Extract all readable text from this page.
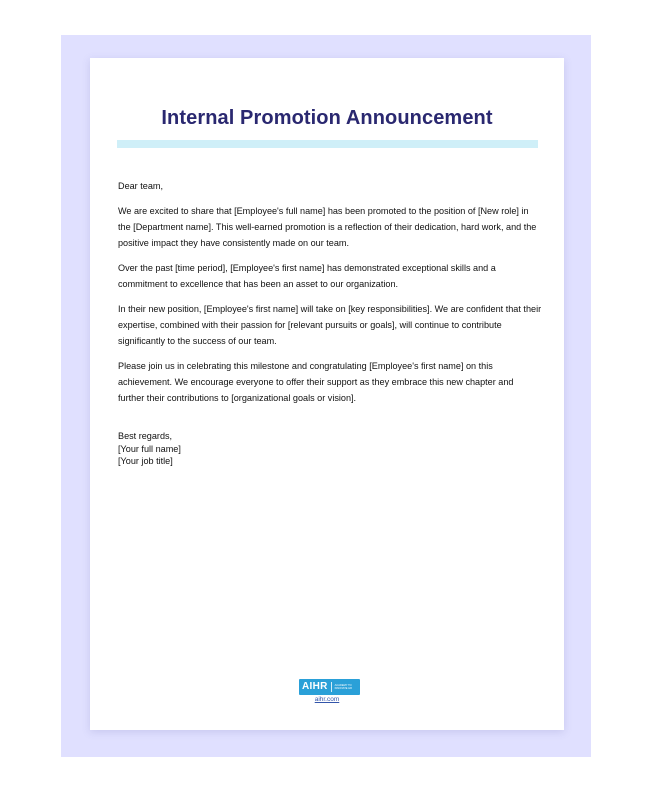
Internal Promotion Announcement

Dear team,

We are excited to share that [Employee's full name] has been promoted to the position of [New role] in the [Department name]. This well-earned promotion is a reflection of their dedication, hard work, and the positive impact they have consistently made on our team.

Over the past [time period], [Employee's first name] has demonstrated exceptional skills and a commitment to excellence that has been an asset to our organization.

In their new position, [Employee's first name] will take on [key responsibilities]. We are confident that their expertise, combined with their passion for [relevant pursuits or goals], will continue to contribute significantly to the success of our team.

Please join us in celebrating this milestone and congratulating [Employee's first name] on this achievement. We encourage everyone to offer their support as they embrace this new chapter and further their contributions to [organizational goals or vision].

Best regards,
[Your full name]
[Your job title]
AIHR	ACADEMY TO INNOVATE HR
aihr.com
